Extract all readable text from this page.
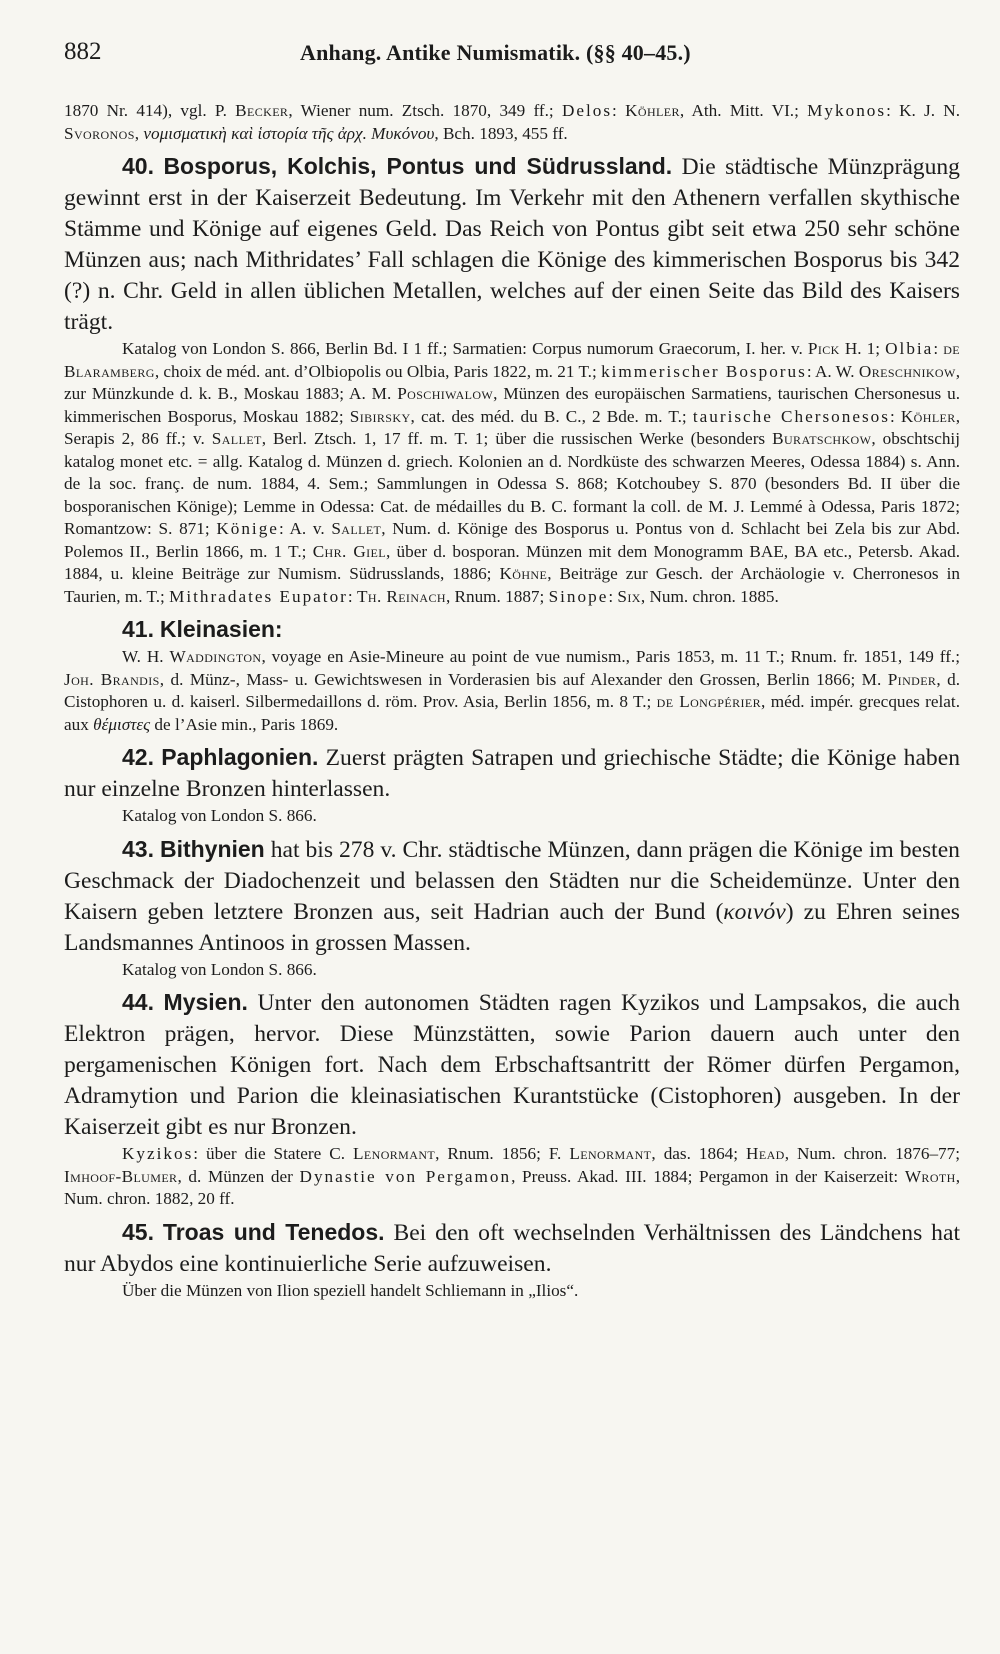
882	Anhang. Antike Numismatik. (§§ 40–45.)

1870 Nr. 414), vgl. P. Becker, Wiener num. Ztsch. 1870, 349 ff.; Delos: Köhler, Ath. Mitt. VI.; Mykonos: K. J. N. Svoronos, νομισματικὴ καὶ ἱστορία τῆς ἀρχ. Μυκόνου, Bch. 1893, 455 ff.

40. Bosporus, Kolchis, Pontus und Südrussland. Die städtische Münzprägung gewinnt erst in der Kaiserzeit Bedeutung. Im Verkehr mit den Athenern verfallen skythische Stämme und Könige auf eigenes Geld. Das Reich von Pontus gibt seit etwa 250 sehr schöne Münzen aus; nach Mithridates’ Fall schlagen die Könige des kimmerischen Bosporus bis 342 (?) n. Chr. Geld in allen üblichen Metallen, welches auf der einen Seite das Bild des Kaisers trägt.

Katalog von London S. 866, Berlin Bd. I 1 ff.; Sarmatien: Corpus numorum Graecorum, I. her. v. Pick H. 1; Olbia: de Blaramberg, choix de méd. ant. d’Olbiopolis ou Olbia, Paris 1822, m. 21 T.; kimmerischer Bosporus: A. W. Oreschnikow, zur Münzkunde d. k. B., Moskau 1883; A. M. Poschiwalow, Münzen des europäischen Sarmatiens, taurischen Chersonesus u. kimmerischen Bosporus, Moskau 1882; Sibirsky, cat. des méd. du B. C., 2 Bde. m. T.; taurische Chersonesos: Köhler, Serapis 2, 86 ff.; v. Sallet, Berl. Ztsch. 1, 17 ff. m. T. 1; über die russischen Werke (besonders Buratschkow, obschtschij katalog monet etc. = allg. Katalog d. Münzen d. griech. Kolonien an d. Nordküste des schwarzen Meeres, Odessa 1884) s. Ann. de la soc. franç. de num. 1884, 4. Sem.; Sammlungen in Odessa S. 868; Kotchoubey S. 870 (besonders Bd. II über die bosporanischen Könige); Lemme in Odessa: Cat. de médailles du B. C. formant la coll. de M. J. Lemmé à Odessa, Paris 1872; Romantzow: S. 871; Könige: A. v. Sallet, Num. d. Könige des Bosporus u. Pontus von d. Schlacht bei Zela bis zur Abd. Polemos II., Berlin 1866, m. 1 T.; Chr. Giel, über d. bosporan. Münzen mit dem Monogramm BAE, BA etc., Petersb. Akad. 1884, u. kleine Beiträge zur Numism. Südrusslands, 1886; Köhne, Beiträge zur Gesch. der Archäologie v. Cherronesos in Taurien, m. T.; Mithradates Eupator: Th. Reinach, Rnum. 1887; Sinope: Six, Num. chron. 1885.

41. Kleinasien:

W. H. Waddington, voyage en Asie-Mineure au point de vue numism., Paris 1853, m. 11 T.; Rnum. fr. 1851, 149 ff.; Joh. Brandis, d. Münz-, Mass- u. Gewichtswesen in Vorderasien bis auf Alexander den Grossen, Berlin 1866; M. Pinder, d. Cistophoren u. d. kaiserl. Silbermedaillons d. röm. Prov. Asia, Berlin 1856, m. 8 T.; de Longpérier, méd. impér. grecques relat. aux θέμιστες de l’Asie min., Paris 1869.

42. Paphlagonien. Zuerst prägten Satrapen und griechische Städte; die Könige haben nur einzelne Bronzen hinterlassen.

Katalog von London S. 866.

43. Bithynien hat bis 278 v. Chr. städtische Münzen, dann prägen die Könige im besten Geschmack der Diadochenzeit und belassen den Städten nur die Scheidemünze. Unter den Kaisern geben letztere Bronzen aus, seit Hadrian auch der Bund (κοινόν) zu Ehren seines Landsmannes Antinoos in grossen Massen.

Katalog von London S. 866.

44. Mysien. Unter den autonomen Städten ragen Kyzikos und Lampsakos, die auch Elektron prägen, hervor. Diese Münzstätten, sowie Parion dauern auch unter den pergamenischen Königen fort. Nach dem Erbschaftsantritt der Römer dürfen Pergamon, Adramytion und Parion die kleinasiatischen Kurantstücke (Cistophoren) ausgeben. In der Kaiserzeit gibt es nur Bronzen.

Kyzikos: über die Statere C. Lenormant, Rnum. 1856; F. Lenormant, das. 1864; Head, Num. chron. 1876–77; Imhoof-Blumer, d. Münzen der Dynastie von Pergamon, Preuss. Akad. III. 1884; Pergamon in der Kaiserzeit: Wroth, Num. chron. 1882, 20 ff.

45. Troas und Tenedos. Bei den oft wechselnden Verhältnissen des Ländchens hat nur Abydos eine kontinuierliche Serie aufzuweisen.

Über die Münzen von Ilion speziell handelt Schliemann in „Ilios“.
